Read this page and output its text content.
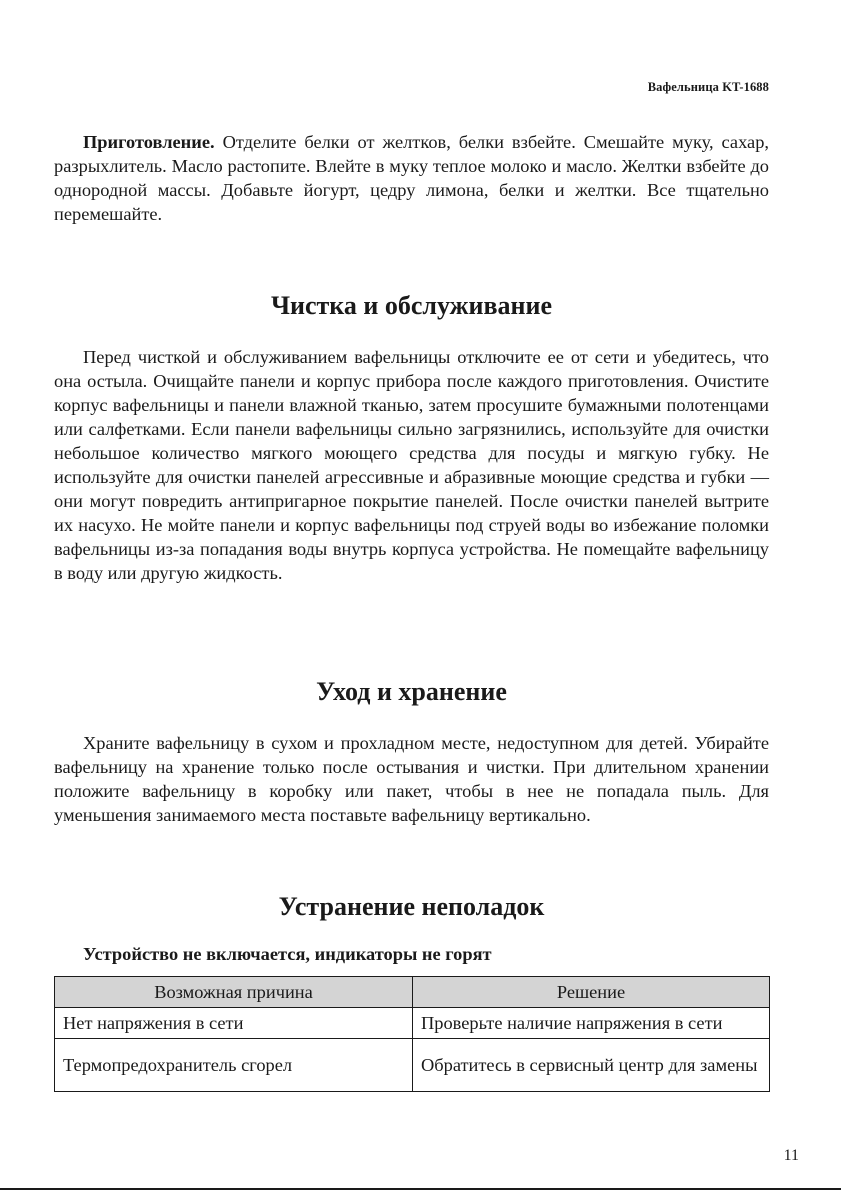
Вафельница KT-1688

Приготовление. Отделите белки от желтков, белки взбейте. Смешайте муку, сахар, разрыхлитель. Масло растопите. Влейте в муку теплое молоко и масло. Желтки взбейте до однородной массы. Добавьте йогурт, цедру лимона, белки и желтки. Все тщательно перемешайте.

Чистка и обслуживание

Перед чисткой и обслуживанием вафельницы отключите ее от сети и убедитесь, что она остыла. Очищайте панели и корпус прибора после каждого приготовления. Очистите корпус вафельницы и панели влажной тканью, затем просушите бумажными полотенцами или салфетками. Если панели вафельницы сильно загрязнились, используйте для очистки небольшое количество мягкого моющего средства для посуды и мягкую губку. Не используйте для очистки панелей агрессивные и абразивные моющие средства и губки — они могут повредить антипригарное покрытие панелей. После очистки панелей вытрите их насухо. Не мойте панели и корпус вафельницы под струей воды во избежание поломки вафельницы из-за попадания воды внутрь корпуса устройства. Не помещайте вафельницу в воду или другую жидкость.

Уход и хранение

Храните вафельницу в сухом и прохладном месте, недоступном для детей. Убирайте вафельницу на хранение только после остывания и чистки. При длительном хранении положите вафельницу в коробку или пакет, чтобы в нее не попадала пыль. Для уменьшения занимаемого места поставьте вафельницу вертикально.

Устранение неполадок

Устройство не включается, индикаторы не горят

Возможная причина	Решение
Нет напряжения в сети	Проверьте наличие напряжения в сети
Термопредохранитель сгорел	Обратитесь в сервисный центр для замены
11
